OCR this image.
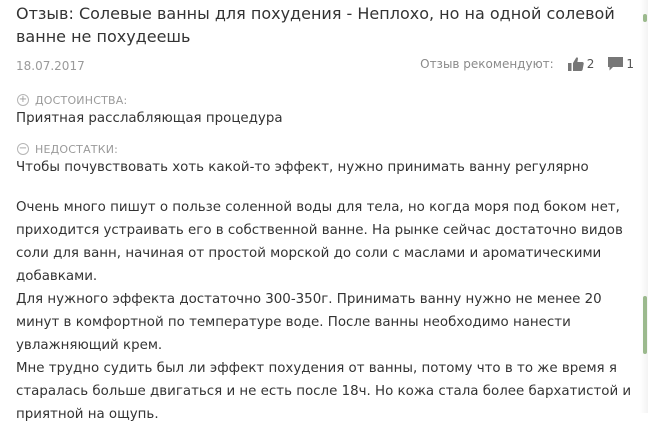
Отзыв: Солевые ванны для похудения - Неплохо, но на одной солевой ванне не похудеешь
18.07.2017	Отзыв рекомендуют:	2	1
+ ДОСТОИНСТВА:
Приятная расслабляющая процедура
− НЕДОСТАТКИ:
Чтобы почувствовать хоть какой-то эффект, нужно принимать ванну регулярно

Очень много пишут о пользе соленной воды для тела, но когда моря под боком нет, приходится устраивать его в собственной ванне. На рынке сейчас достаточно видов соли для ванн, начиная от простой морской до соли с маслами и ароматическими добавками.

Для нужного эффекта достаточно 300-350г. Принимать ванну нужно не менее 20 минут в комфортной по температуре воде. После ванны необходимо нанести увлажняющий крем.

Мне трудно судить был ли эффект похудения от ванны, потому что в то же время я старалась больше двигаться и не есть после 18ч. Но кожа стала более бархатистой и приятной на ощупь.
